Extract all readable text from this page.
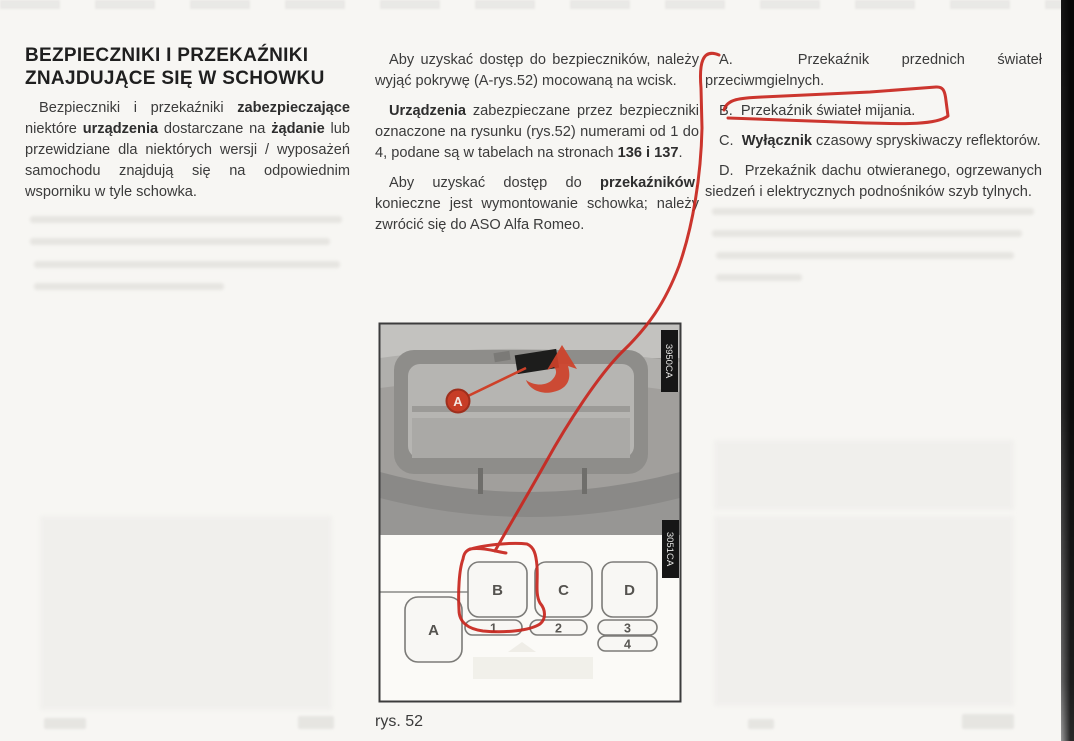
BEZPIECZNIKI I PRZEKAŹNIKI
ZNAJDUJĄCE SIĘ W SCHOWKU

Bezpieczniki i przekaźniki zabezpieczające niektóre urządzenia dostarczane na żądanie lub przewidziane dla niektórych wersji / wyposażeń samochodu znajdują się na odpowiednim wsporniku w tyle schowka.

Aby uzyskać dostęp do bezpieczników, należy wyjąć pokrywę (A-rys.52) mocowaną na wcisk.

Urządzenia zabezpieczane przez bezpieczniki oznaczone na rysunku (rys.52) numerami od 1 do 4, podane są w tabelach na stronach 136 i 137.

Aby uzyskać dostęp do przekaźników, konieczne jest wymontowanie schowka; należy zwrócić się do ASO Alfa Romeo.

A.	Przekaźnik przednich świateł przeciwmgielnych.

B. Przekaźnik świateł mijania.

C. Wyłącznik czasowy spryskiwaczy reflektorów.

D. Przekaźnik dachu otwieranego, ogrzewanych siedzeń i elektrycznych podnośników szyb tylnych.

A
3950CA
A
B	C	D
1	2	3
4
3051CA
rys. 52
